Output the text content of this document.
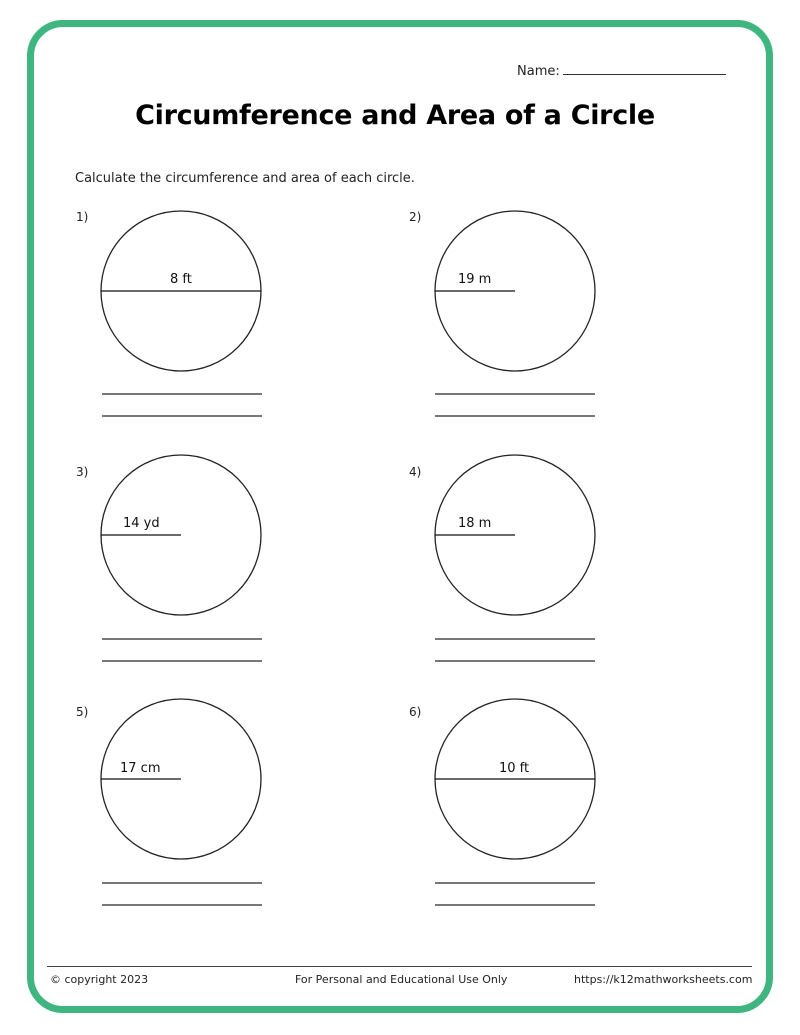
Name:
Circumference and Area of a Circle
Calculate the circumference and area of each circle.
1)
8 ft
2)
19 m
3)
14 yd
4)
18 m
5)
17 cm
6)
10 ft
© copyright 2023	For Personal and Educational Use Only	https://k12mathworksheets.com
